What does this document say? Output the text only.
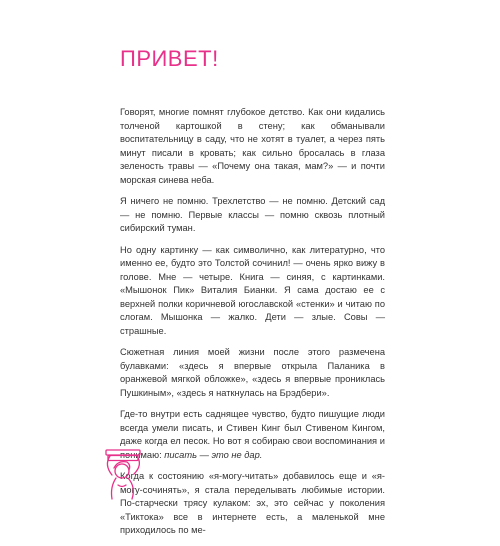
ПРИВЕТ!

Говорят, многие помнят глубокое детство. Как они кидались толченой картошкой в стену; как обманывали воспитательницу в саду, что не хотят в туалет, а через пять минут писали в кровать; как сильно бросалась в глаза зеленость травы — «Почему она такая, мам?» — и почти морская синева неба.

Я ничего не помню. Трехлетство — не помню. Детский сад — не помню. Первые классы — помню сквозь плотный сибирский туман.

Но одну картинку — как символично, как литературно, что именно ее, будто это Толстой сочинил! — очень ярко вижу в голове. Мне — четыре. Книга — синяя, с картинками. «Мышонок Пик» Виталия Бианки. Я сама достаю ее с верхней полки коричневой югославской «стенки» и читаю по слогам. Мышонка — жалко. Дети — злые. Совы — страшные.

Сюжетная линия моей жизни после этого размечена булавками: «здесь я впервые открыла Паланика в оранжевой мягкой обложке», «здесь я впервые прониклась Пушкиным», «здесь я наткнулась на Брэдбери».

Где-то внутри есть саднящее чувство, будто пишущие люди всегда умели писать, и Стивен Кинг был Стивеном Кингом, даже когда ел песок. Но вот я собираю свои воспоминания и понимаю: писать — это не дар.

Когда к состоянию «я-могу-читать» добавилось еще и «я-могу-сочинять», я стала переделывать любимые истории. По-старчески трясу кулаком: эх, это сейчас у поколения «Тиктока» все в интернете есть, а маленькой мне приходилось по ме-
